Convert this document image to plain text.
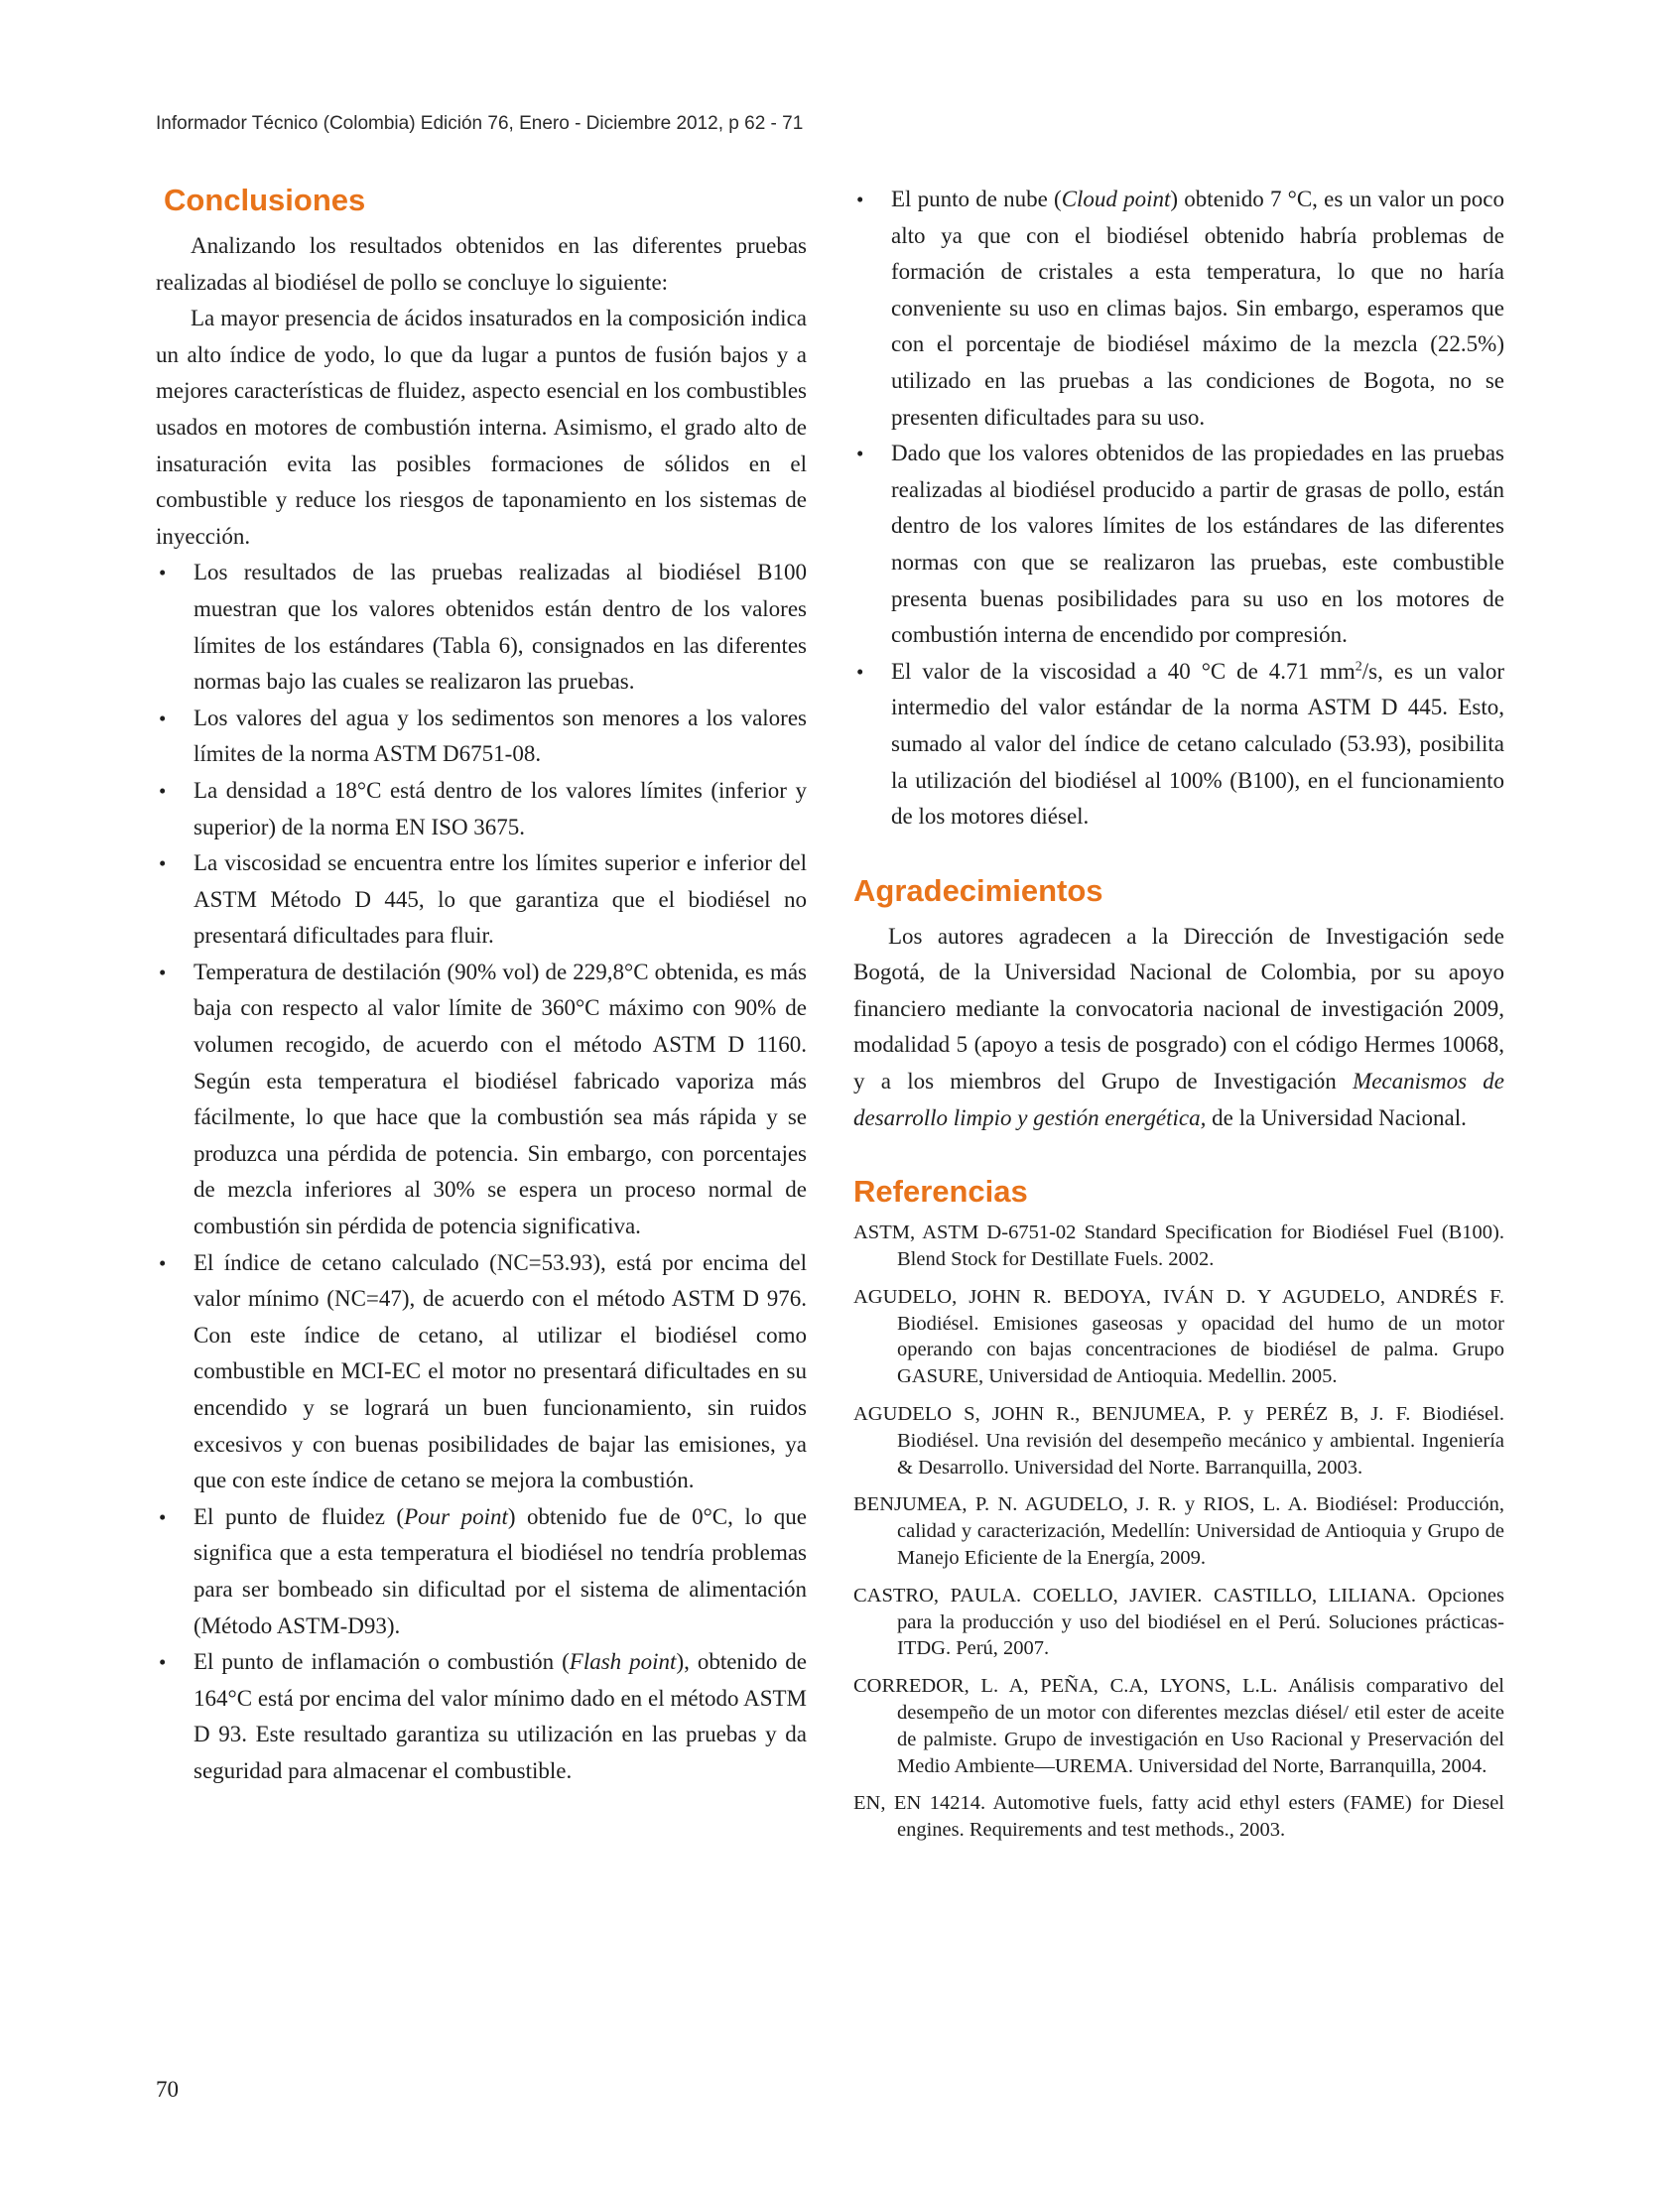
Informador Técnico (Colombia) Edición 76, Enero - Diciembre 2012, p 62 - 71
Conclusiones

Analizando los resultados obtenidos en las diferentes pruebas realizadas al biodiésel de pollo se concluye lo siguiente:

La mayor presencia de ácidos insaturados en la composición indica un alto índice de yodo, lo que da lugar a puntos de fusión bajos y a mejores características de fluidez, aspecto esencial en los combustibles usados en motores de combustión interna. Asimismo, el grado alto de insaturación evita las posibles formaciones de sólidos en el combustible y reduce los riesgos de taponamiento en los sistemas de inyección.

• Los resultados de las pruebas realizadas al biodiésel B100 muestran que los valores obtenidos están dentro de los valores límites de los estándares (Tabla 6), consignados en las diferentes normas bajo las cuales se realizaron las pruebas.
• Los valores del agua y los sedimentos son menores a los valores límites de la norma ASTM D6751-08.
• La densidad a 18°C está dentro de los valores límites (inferior y superior) de la norma EN ISO 3675.
• La viscosidad se encuentra entre los límites superior e inferior del ASTM Método D 445, lo que garantiza que el biodiésel no presentará dificultades para fluir.
• Temperatura de destilación (90% vol) de 229,8°C obtenida, es más baja con respecto al valor límite de 360°C máximo con 90% de volumen recogido, de acuerdo con el método ASTM D 1160. Según esta temperatura el biodiésel fabricado vaporiza más fácilmente, lo que hace que la combustión sea más rápida y se produzca una pérdida de potencia. Sin embargo, con porcentajes de mezcla inferiores al 30% se espera un proceso normal de combustión sin pérdida de potencia significativa.
• El índice de cetano calculado (NC=53.93), está por encima del valor mínimo (NC=47), de acuerdo con el método ASTM D 976. Con este índice de cetano, al utilizar el biodiésel como combustible en MCI-EC el motor no presentará dificultades en su encendido y se logrará un buen funcionamiento, sin ruidos excesivos y con buenas posibilidades de bajar las emisiones, ya que con este índice de cetano se mejora la combustión.
• El punto de fluidez (Pour point) obtenido fue de 0°C, lo que significa que a esta temperatura el biodiésel no tendría problemas para ser bombeado sin dificultad por el sistema de alimentación (Método ASTM-D93).
• El punto de inflamación o combustión (Flash point), obtenido de 164°C está por encima del valor mínimo dado en el método ASTM D 93. Este resultado garantiza su utilización en las pruebas y da seguridad para almacenar el combustible.
• El punto de nube (Cloud point) obtenido 7 °C, es un valor un poco alto ya que con el biodiésel obtenido habría problemas de formación de cristales a esta temperatura, lo que no haría conveniente su uso en climas bajos. Sin embargo, esperamos que con el porcentaje de biodiésel máximo de la mezcla (22.5%) utilizado en las pruebas a las condiciones de Bogota, no se presenten dificultades para su uso.
• Dado que los valores obtenidos de las propiedades en las pruebas realizadas al biodiésel producido a partir de grasas de pollo, están dentro de los valores límites de los estándares de las diferentes normas con que se realizaron las pruebas, este combustible presenta buenas posibilidades para su uso en los motores de combustión interna de encendido por compresión.
• El valor de la viscosidad a 40 °C de 4.71 $mm^2/s$, es un valor intermedio del valor estándar de la norma ASTM D 445. Esto, sumado al valor del índice de cetano calculado (53.93), posibilita la utilización del biodiésel al 100% (B100), en el funcionamiento de los motores diésel.
Agradecimientos

Los autores agradecen a la Dirección de Investigación sede Bogotá, de la Universidad Nacional de Colombia, por su apoyo financiero mediante la convocatoria nacional de investigación 2009, modalidad 5 (apoyo a tesis de posgrado) con el código Hermes 10068, y a los miembros del Grupo de Investigación Mecanismos de desarrollo limpio y gestión energética, de la Universidad Nacional.

Referencias
ASTM, ASTM D-6751-02 Standard Specification for Biodiésel Fuel (B100). Blend Stock for Destillate Fuels. 2002.
AGUDELO, JOHN R. BEDOYA, IVÁN D. Y AGUDELO, ANDRÉS F. Biodiésel. Emisiones gaseosas y opacidad del humo de un motor operando con bajas concentraciones de biodiésel de palma. Grupo GASURE, Universidad de Antioquia. Medellin. 2005.
AGUDELO S, JOHN R., BENJUMEA, P. y PERÉZ B, J. F. Biodiésel. Biodiésel. Una revisión del desempeño mecánico y ambiental. Ingeniería & Desarrollo. Universidad del Norte. Barranquilla, 2003.
BENJUMEA, P. N. AGUDELO, J. R. y RIOS, L. A. Biodiésel: Producción, calidad y caracterización, Medellín: Universidad de Antioquia y Grupo de Manejo Eficiente de la Energía, 2009.
CASTRO, PAULA. COELLO, JAVIER. CASTILLO, LILIANA. Opciones para la producción y uso del biodiésel en el Perú. Soluciones prácticas-ITDG. Perú, 2007.
CORREDOR, L. A, PEÑA, C.A, LYONS, L.L. Análisis comparativo del desempeño de un motor con diferentes mezclas diésel/ etil ester de aceite de palmiste. Grupo de investigación en Uso Racional y Preservación del Medio Ambiente—UREMA. Universidad del Norte, Barranquilla, 2004.
EN, EN 14214. Automotive fuels, fatty acid ethyl esters (FAME) for Diesel engines. Requirements and test methods., 2003.
70
